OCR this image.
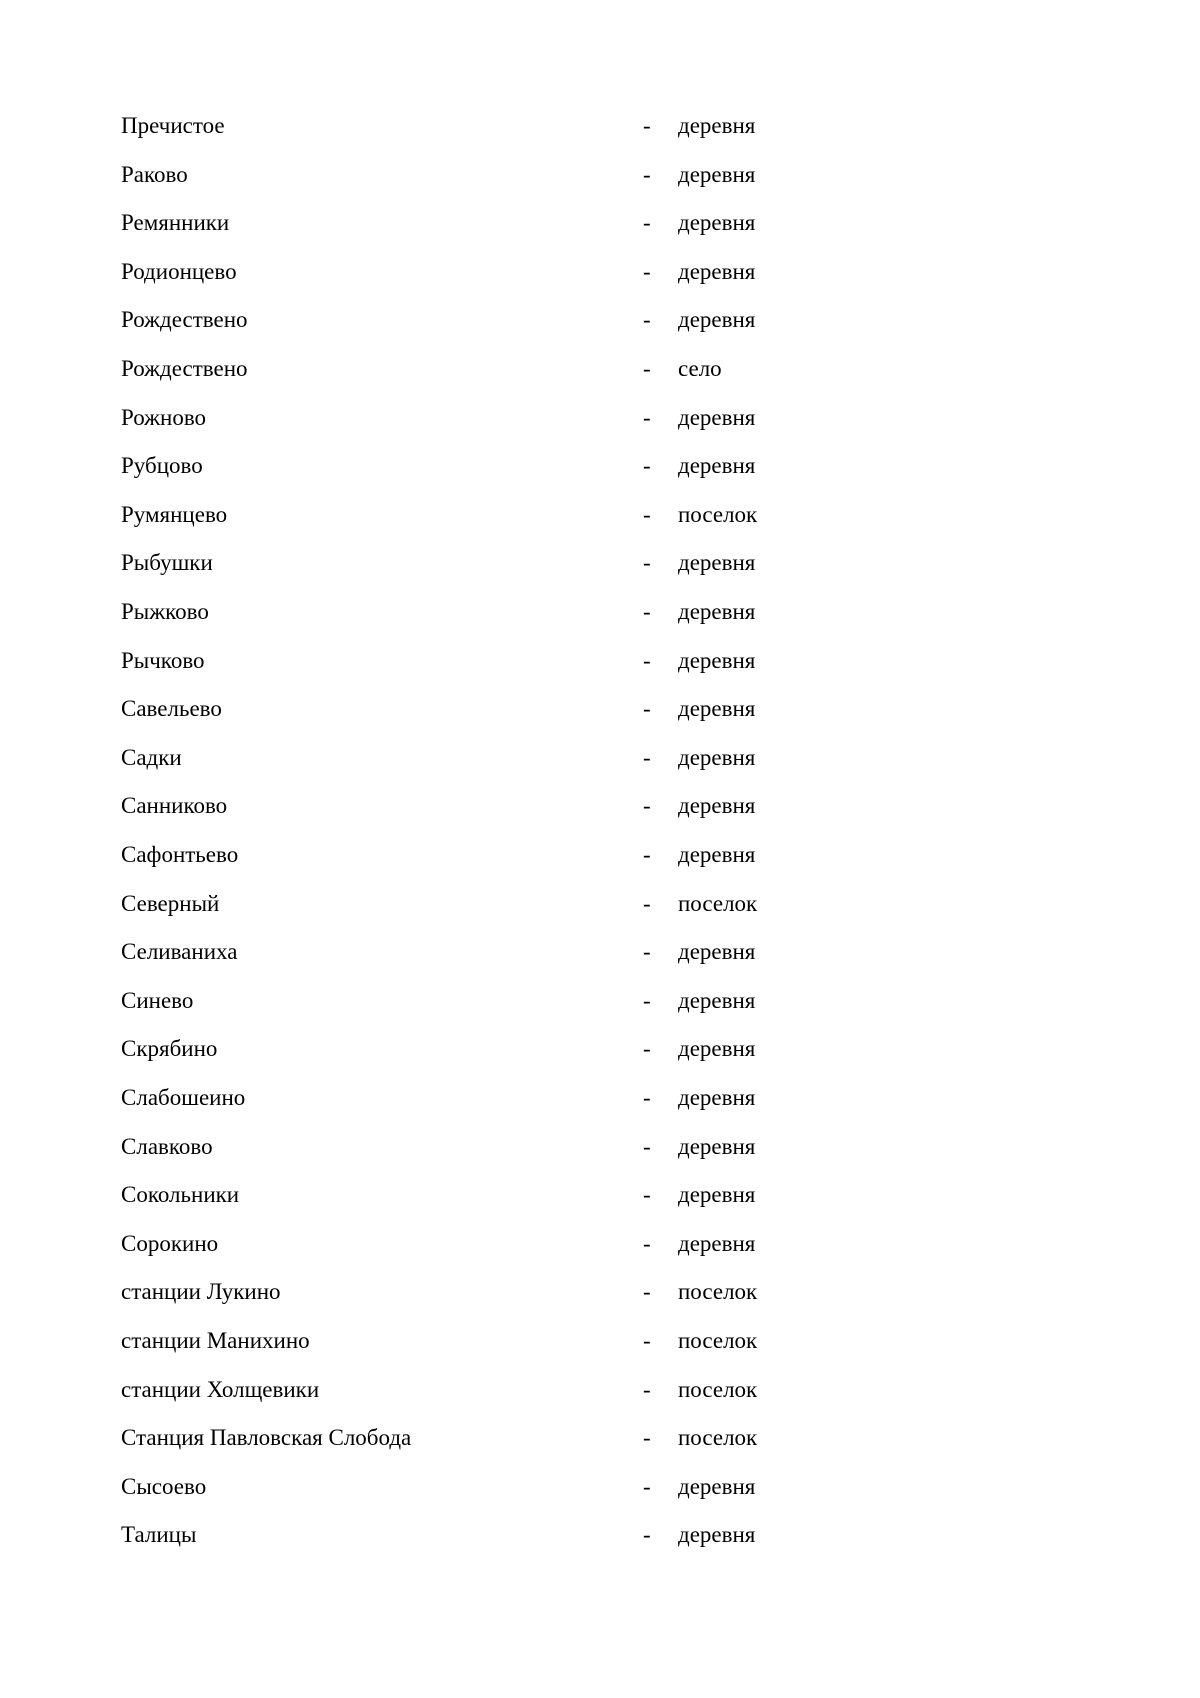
Пречистое	- деревня
Раково	- деревня
Ремянники	- деревня
Родионцево	- деревня
Рождествено	- деревня
Рождествено	- село
Рожново	- деревня
Рубцово	- деревня
Румянцево	- поселок
Рыбушки	- деревня
Рыжково	- деревня
Рычково	- деревня
Савельево	- деревня
Садки	- деревня
Санниково	- деревня
Сафонтьево	- деревня
Северный	- поселок
Селиваниха	- деревня
Синево	- деревня
Скрябино	- деревня
Слабошеино	- деревня
Славково	- деревня
Сокольники	- деревня
Сорокино	- деревня
станции Лукино	- поселок
станции Манихино	- поселок
станции Холщевики	- поселок
Станция Павловская Слобода	- поселок
Сысоево	- деревня
Талицы	- деревня
